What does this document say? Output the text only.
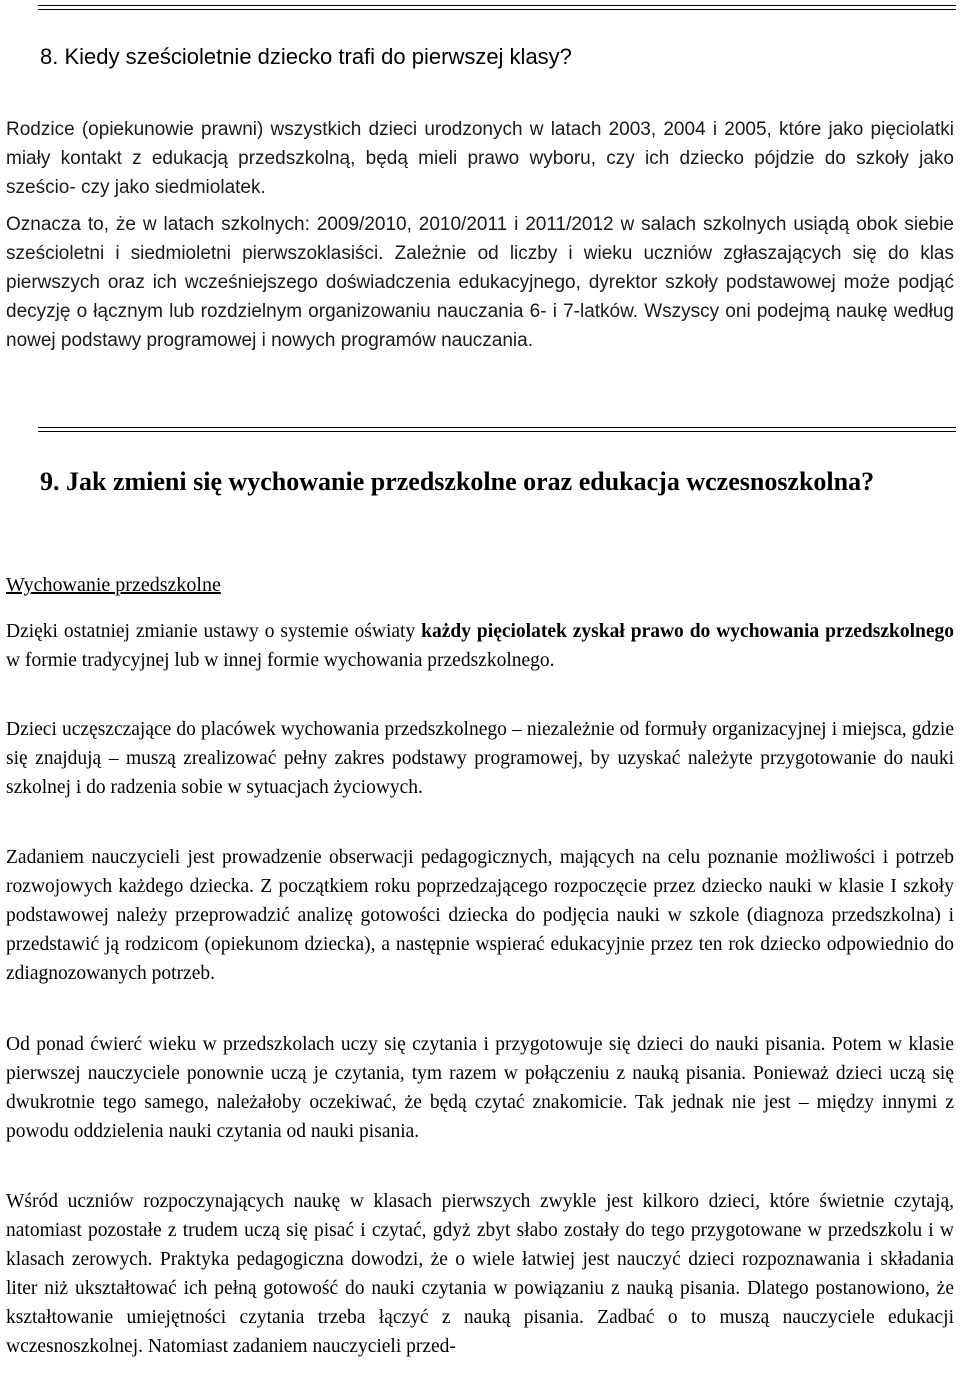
8. Kiedy sześcioletnie dziecko trafi do pierwszej klasy?

Rodzice (opiekunowie prawni) wszystkich dzieci urodzonych w latach 2003, 2004 i 2005, które jako pięciolatki miały kontakt z edukacją przedszkolną, będą mieli prawo wyboru, czy ich dziecko pójdzie do szkoły jako sześcio- czy jako siedmiolatek.

Oznacza to, że w latach szkolnych: 2009/2010, 2010/2011 i 2011/2012 w salach szkolnych usiądą obok siebie sześcioletni i siedmioletni pierwszoklasiści. Zależnie od liczby i wieku uczniów zgłaszających się do klas pierwszych oraz ich wcześniejszego doświadczenia edukacyjnego, dyrektor szkoły podstawowej może podjąć decyzję o łącznym lub rozdzielnym organizowaniu nauczania 6- i 7-latków. Wszyscy oni podejmą naukę według nowej podstawy programowej i nowych programów nauczania.

9. Jak zmieni się wychowanie przedszkolne oraz edukacja wczesnoszkolna?

Wychowanie przedszkolne

Dzięki ostatniej zmianie ustawy o systemie oświaty każdy pięciolatek zyskał prawo do wychowania przedszkolnego w formie tradycyjnej lub w innej formie wychowania przedszkolnego.

Dzieci uczęszczające do placówek wychowania przedszkolnego – niezależnie od formuły organizacyjnej i miejsca, gdzie się znajdują – muszą zrealizować pełny zakres podstawy programowej, by uzyskać należyte przygotowanie do nauki szkolnej i do radzenia sobie w sytuacjach życiowych.

Zadaniem nauczycieli jest prowadzenie obserwacji pedagogicznych, mających na celu poznanie możliwości i potrzeb rozwojowych każdego dziecka. Z początkiem roku poprzedzającego rozpoczęcie przez dziecko nauki w klasie I szkoły podstawowej należy przeprowadzić analizę gotowości dziecka do podjęcia nauki w szkole (diagnoza przedszkolna) i przedstawić ją rodzicom (opiekunom dziecka), a następnie wspierać edukacyjnie przez ten rok dziecko odpowiednio do zdiagnozowanych potrzeb.

Od ponad ćwierć wieku w przedszkolach uczy się czytania i przygotowuje się dzieci do nauki pisania. Potem w klasie pierwszej nauczyciele ponownie uczą je czytania, tym razem w połączeniu z nauką pisania. Ponieważ dzieci uczą się dwukrotnie tego samego, należałoby oczekiwać, że będą czytać znakomicie. Tak jednak nie jest – między innymi z powodu oddzielenia nauki czytania od nauki pisania.

Wśród uczniów rozpoczynających naukę w klasach pierwszych zwykle jest kilkoro dzieci, które świetnie czytają, natomiast pozostałe z trudem uczą się pisać i czytać, gdyż zbyt słabo zostały do tego przygotowane w przedszkolu i w klasach zerowych. Praktyka pedagogiczna dowodzi, że o wiele łatwiej jest nauczyć dzieci rozpoznawania i składania liter niż ukształtować ich pełną gotowość do nauki czytania w powiązaniu z nauką pisania. Dlatego postanowiono, że kształtowanie umiejętności czytania trzeba łączyć z nauką pisania. Zadbać o to muszą nauczyciele edukacji wczesnoszkolnej. Natomiast zadaniem nauczycieli przed-
